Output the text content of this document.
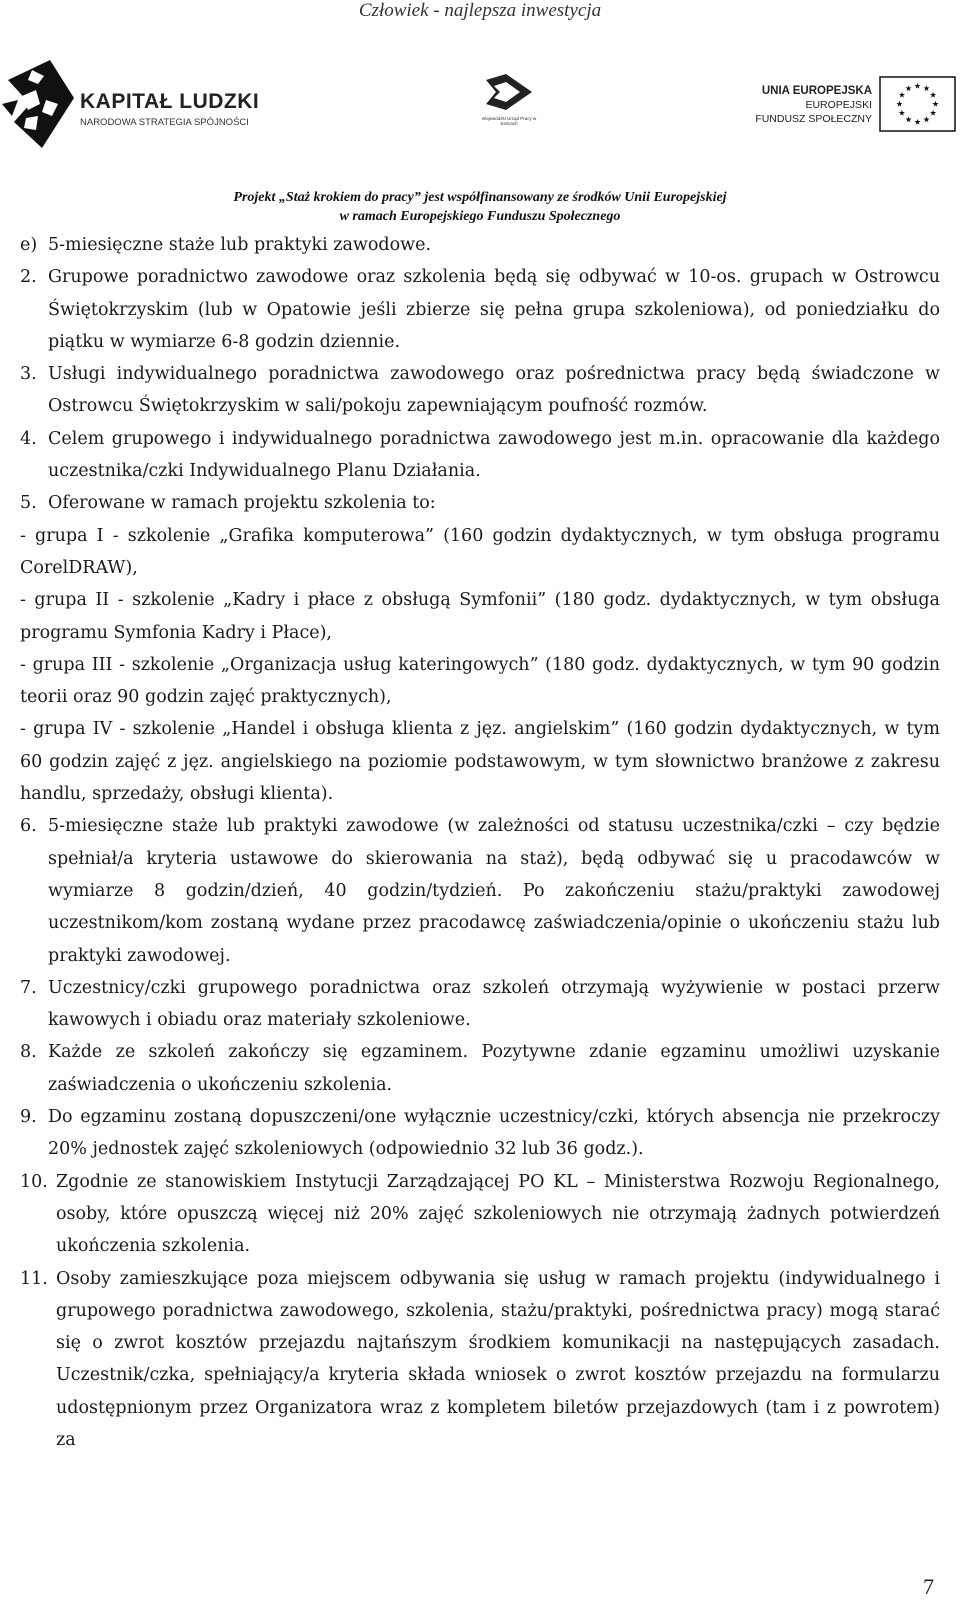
Człowiek - najlepsza inwestycja
KAPITAŁ LUDZKI
NARODOWA STRATEGIA SPÓJNOŚCI	Wojewódzki Urząd Pracy w Kielcach
UNIA EUROPEJSKA
EUROPEJSKI
FUNDUSZ SPOŁECZNY
Projekt „Staż krokiem do pracy” jest współfinansowany ze środków Unii Europejskiej
w ramach Europejskiego Funduszu Społecznego
e) 5-miesięczne staże lub praktyki zawodowe.
2. Grupowe poradnictwo zawodowe oraz szkolenia będą się odbywać w 10-os. grupach w Ostrowcu Świętokrzyskim (lub w Opatowie jeśli zbierze się pełna grupa szkoleniowa), od poniedziałku do piątku w wymiarze 6-8 godzin dziennie.
3. Usługi indywidualnego poradnictwa zawodowego oraz pośrednictwa pracy będą świadczone w Ostrowcu Świętokrzyskim w sali/pokoju zapewniającym poufność rozmów.
4. Celem grupowego i indywidualnego poradnictwa zawodowego jest m.in. opracowanie dla każdego uczestnika/czki Indywidualnego Planu Działania.
5. Oferowane w ramach projektu szkolenia to:
- grupa I - szkolenie „Grafika komputerowa” (160 godzin dydaktycznych, w tym obsługa programu CorelDRAW),
- grupa II - szkolenie „Kadry i płace z obsługą Symfonii” (180 godz. dydaktycznych, w tym obsługa programu Symfonia Kadry i Płace),
- grupa III - szkolenie „Organizacja usług kateringowych” (180 godz. dydaktycznych, w tym 90 godzin teorii oraz 90 godzin zajęć praktycznych),
- grupa IV - szkolenie „Handel i obsługa klienta z jęz. angielskim” (160 godzin dydaktycznych, w tym 60 godzin zajęć z jęz. angielskiego na poziomie podstawowym, w tym słownictwo branżowe z zakresu handlu, sprzedaży, obsługi klienta).
6. 5-miesięczne staże lub praktyki zawodowe (w zależności od statusu uczestnika/czki – czy będzie spełniał/a kryteria ustawowe do skierowania na staż), będą odbywać się u pracodawców w wymiarze 8 godzin/dzień, 40 godzin/tydzień. Po zakończeniu stażu/praktyki zawodowej uczestnikom/kom zostaną wydane przez pracodawcę zaświadczenia/opinie o ukończeniu stażu lub praktyki zawodowej.
7. Uczestnicy/czki grupowego poradnictwa oraz szkoleń otrzymają wyżywienie w postaci przerw kawowych i obiadu oraz materiały szkoleniowe.
8. Każde ze szkoleń zakończy się egzaminem. Pozytywne zdanie egzaminu umożliwi uzyskanie zaświadczenia o ukończeniu szkolenia.
9. Do egzaminu zostaną dopuszczeni/one wyłącznie uczestnicy/czki, których absencja nie przekroczy 20% jednostek zajęć szkoleniowych (odpowiednio 32 lub 36 godz.).
10. Zgodnie ze stanowiskiem Instytucji Zarządzającej PO KL – Ministerstwa Rozwoju Regionalnego, osoby, które opuszczą więcej niż 20% zajęć szkoleniowych nie otrzymają żadnych potwierdzeń ukończenia szkolenia.
11. Osoby zamieszkujące poza miejscem odbywania się usług w ramach projektu (indywidualnego i grupowego poradnictwa zawodowego, szkolenia, stażu/praktyki, pośrednictwa pracy) mogą starać się o zwrot kosztów przejazdu najtańszym środkiem komunikacji na następujących zasadach. Uczestnik/czka, spełniający/a kryteria składa wniosek o zwrot kosztów przejazdu na formularzu udostępnionym przez Organizatora wraz z kompletem biletów przejazdowych (tam i z powrotem) za
7
